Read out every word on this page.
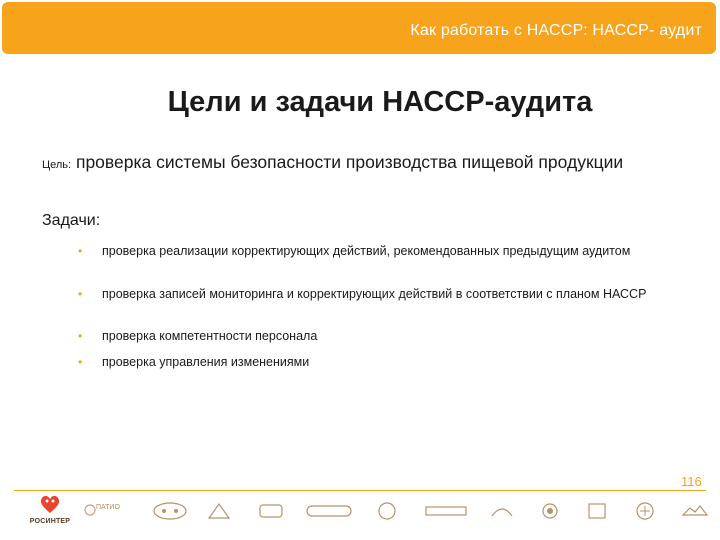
Как работать с НАССР: НАССР- аудит
Цели и задачи НАССР-аудита
Цель: проверка системы безопасности производства пищевой продукции
Задачи:
• проверка реализации корректирующих действий, рекомендованных предыдущим аудитом
• проверка записей мониторинга и корректирующих действий в соответствии с планом НАССР
• проверка компетентности персонала
• проверка управления изменениями
116
РОСИНТЕР
ПАТИО
